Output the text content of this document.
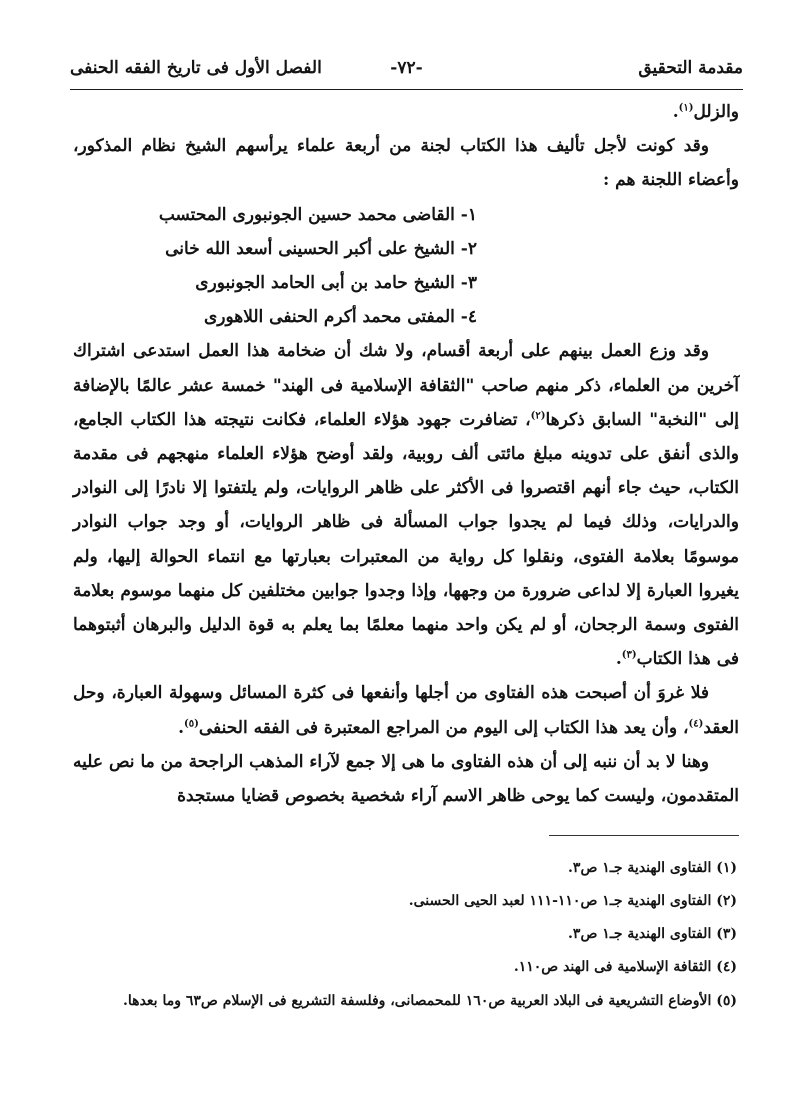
مقدمة التحقيق
-٧٢-
الفصل الأول فى تاريخ الفقه الحنفى

والزلل$^{(١)}$.

وقد كونت لأجل تأليف هذا الكتاب لجنة من أربعة علماء يرأسهم الشيخ نظام المذكور، وأعضاء اللجنة هم :

١- القاضى محمد حسين الجونبورى المحتسب
٢- الشيخ على أكبر الحسينى أسعد الله خانى
٣- الشيخ حامد بن أبى الحامد الجونبورى
٤- المفتى محمد أكرم الحنفى اللاهورى

وقد وزع العمل بينهم على أربعة أقسام، ولا شك أن ضخامة هذا العمل استدعى اشتراك آخرين من العلماء، ذكر منهم صاحب "الثقافة الإسلامية فى الهند" خمسة عشر عالمًا بالإضافة إلى "النخبة" السابق ذكرها$^{(٢)}$، تضافرت جهود هؤلاء العلماء، فكانت نتيجته هذا الكتاب الجامع، والذى أنفق على تدوينه مبلغ مائتى ألف روبية، ولقد أوضح هؤلاء العلماء منهجهم فى مقدمة الكتاب، حيث جاء أنهم اقتصروا فى الأكثر على ظاهر الروايات، ولم يلتفتوا إلا نادرًا إلى النوادر والدرايات، وذلك فيما لم يجدوا جواب المسألة فى ظاهر الروايات، أو وجد جواب النوادر موسومًا بعلامة الفتوى، ونقلوا كل رواية من المعتبرات بعبارتها مع انتماء الحوالة إليها، ولم يغيروا العبارة إلا لداعى ضرورة من وجهها، وإذا وجدوا جوابين مختلفين كل منهما موسوم بعلامة الفتوى وسمة الرجحان، أو لم يكن واحد منهما معلمًا بما يعلم به قوة الدليل والبرهان أثبتوهما فى هذا الكتاب$^{(٣)}$.

فلا غروَ أن أصبحت هذه الفتاوى من أجلها وأنفعها فى كثرة المسائل وسهولة العبارة، وحل العقد$^{(٤)}$، وأن يعد هذا الكتاب إلى اليوم من المراجع المعتبرة فى الفقه الحنفى$^{(٥)}$.

وهنا لا بد أن ننبه إلى أن هذه الفتاوى ما هى إلا جمع لآراء المذهب الراجحة من ما نص عليه المتقدمون، وليست كما يوحى ظاهر الاسم آراء شخصية بخصوص قضايا مستجدة

(١) الفتاوى الهندية جـ١ ص٣.

(٢) الفتاوى الهندية جـ١ ص١١٠-١١١ لعبد الحيى الحسنى.

(٣) الفتاوى الهندية جـ١ ص٣.

(٤) الثقافة الإسلامية فى الهند ص١١٠.

(٥) الأوضاع التشريعية فى البلاد العربية ص١٦٠ للمحمصانى، وفلسفة التشريع فى الإسلام ص٦٣ وما بعدها.
